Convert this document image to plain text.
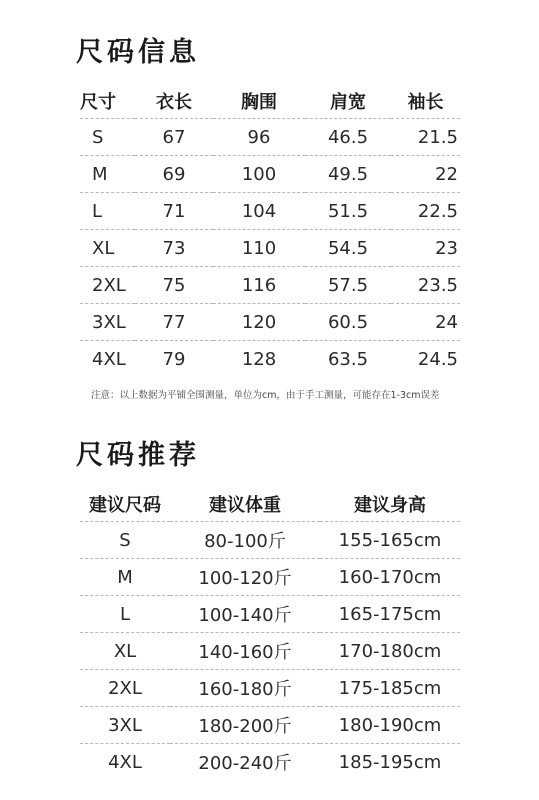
尺码信息
尺寸	衣长	胸围	肩宽	袖长
S	67	96	46.5	21.5
M	69	100	49.5	22
L	71	104	51.5	22.5
XL	73	110	54.5	23
2XL	75	116	57.5	23.5
3XL	77	120	60.5	24
4XL	79	128	63.5	24.5
注意：以上数据为平铺全围测量，单位为cm，由于手工测量，可能存在1-3cm误差
尺码推荐
建议尺码	建议体重	建议身高
S	80-100斤	155-165cm
M	100-120斤	160-170cm
L	100-140斤	165-175cm
XL	140-160斤	170-180cm
2XL	160-180斤	175-185cm
3XL	180-200斤	180-190cm
4XL	200-240斤	185-195cm
